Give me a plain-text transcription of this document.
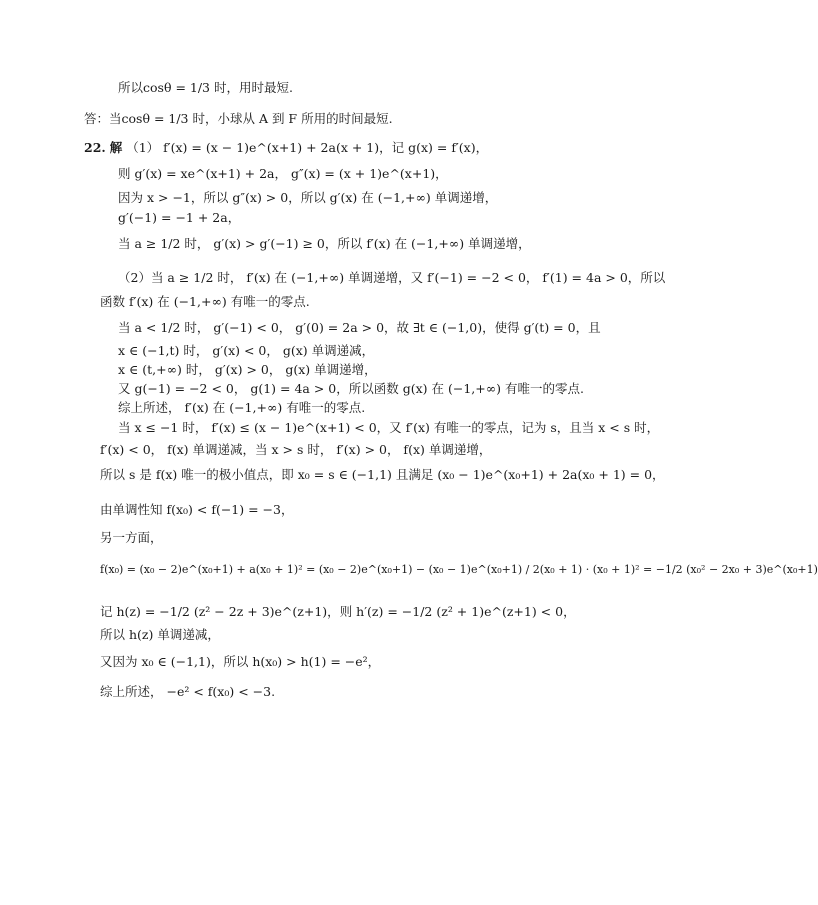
所以cosθ = 1/3 时，用时最短.
答：当cosθ = 1/3 时，小球从 A 到 F 所用的时间最短.
22. 解 （1） f′(x) = (x − 1)e^(x+1) + 2a(x + 1)，记 g(x) = f′(x)，
则 g′(x) = xe^(x+1) + 2a， g″(x) = (x + 1)e^(x+1)，
因为 x > −1，所以 g″(x) > 0，所以 g′(x) 在 (−1,+∞) 单调递增，
g′(−1) = −1 + 2a，
当 a ≥ 1/2 时， g′(x) > g′(−1) ≥ 0，所以 f′(x) 在 (−1,+∞) 单调递增，
（2）当 a ≥ 1/2 时， f′(x) 在 (−1,+∞) 单调递增，又 f′(−1) = −2 < 0， f′(1) = 4a > 0，所以
函数 f′(x) 在 (−1,+∞) 有唯一的零点.
当 a < 1/2 时， g′(−1) < 0， g′(0) = 2a > 0，故 ∃t ∈ (−1,0)，使得 g′(t) = 0，且
x ∈ (−1,t) 时， g′(x) < 0， g(x) 单调递减，
x ∈ (t,+∞) 时， g′(x) > 0， g(x) 单调递增，
又 g(−1) = −2 < 0， g(1) = 4a > 0，所以函数 g(x) 在 (−1,+∞) 有唯一的零点.
综上所述， f′(x) 在 (−1,+∞) 有唯一的零点.
当 x ≤ −1 时， f′(x) ≤ (x − 1)e^(x+1) < 0，又 f′(x) 有唯一的零点，记为 s，且当 x < s 时，
f′(x) < 0， f(x) 单调递减，当 x > s 时， f′(x) > 0， f(x) 单调递增，
所以 s 是 f(x) 唯一的极小值点，即 x₀ = s ∈ (−1,1) 且满足 (x₀ − 1)e^(x₀+1) + 2a(x₀ + 1) = 0，
由单调性知 f(x₀) < f(−1) = −3，
另一方面，
f(x₀) = (x₀ − 2)e^(x₀+1) + a(x₀ + 1)² = (x₀ − 2)e^(x₀+1) − (x₀ − 1)e^(x₀+1) / 2(x₀ + 1) · (x₀ + 1)² = −1/2 (x₀² − 2x₀ + 3)e^(x₀+1)
记 h(z) = −1/2 (z² − 2z + 3)e^(z+1)，则 h′(z) = −1/2 (z² + 1)e^(z+1) < 0，
所以 h(z) 单调递减，
又因为 x₀ ∈ (−1,1)，所以 h(x₀) > h(1) = −e²，
综上所述， −e² < f(x₀) < −3.
